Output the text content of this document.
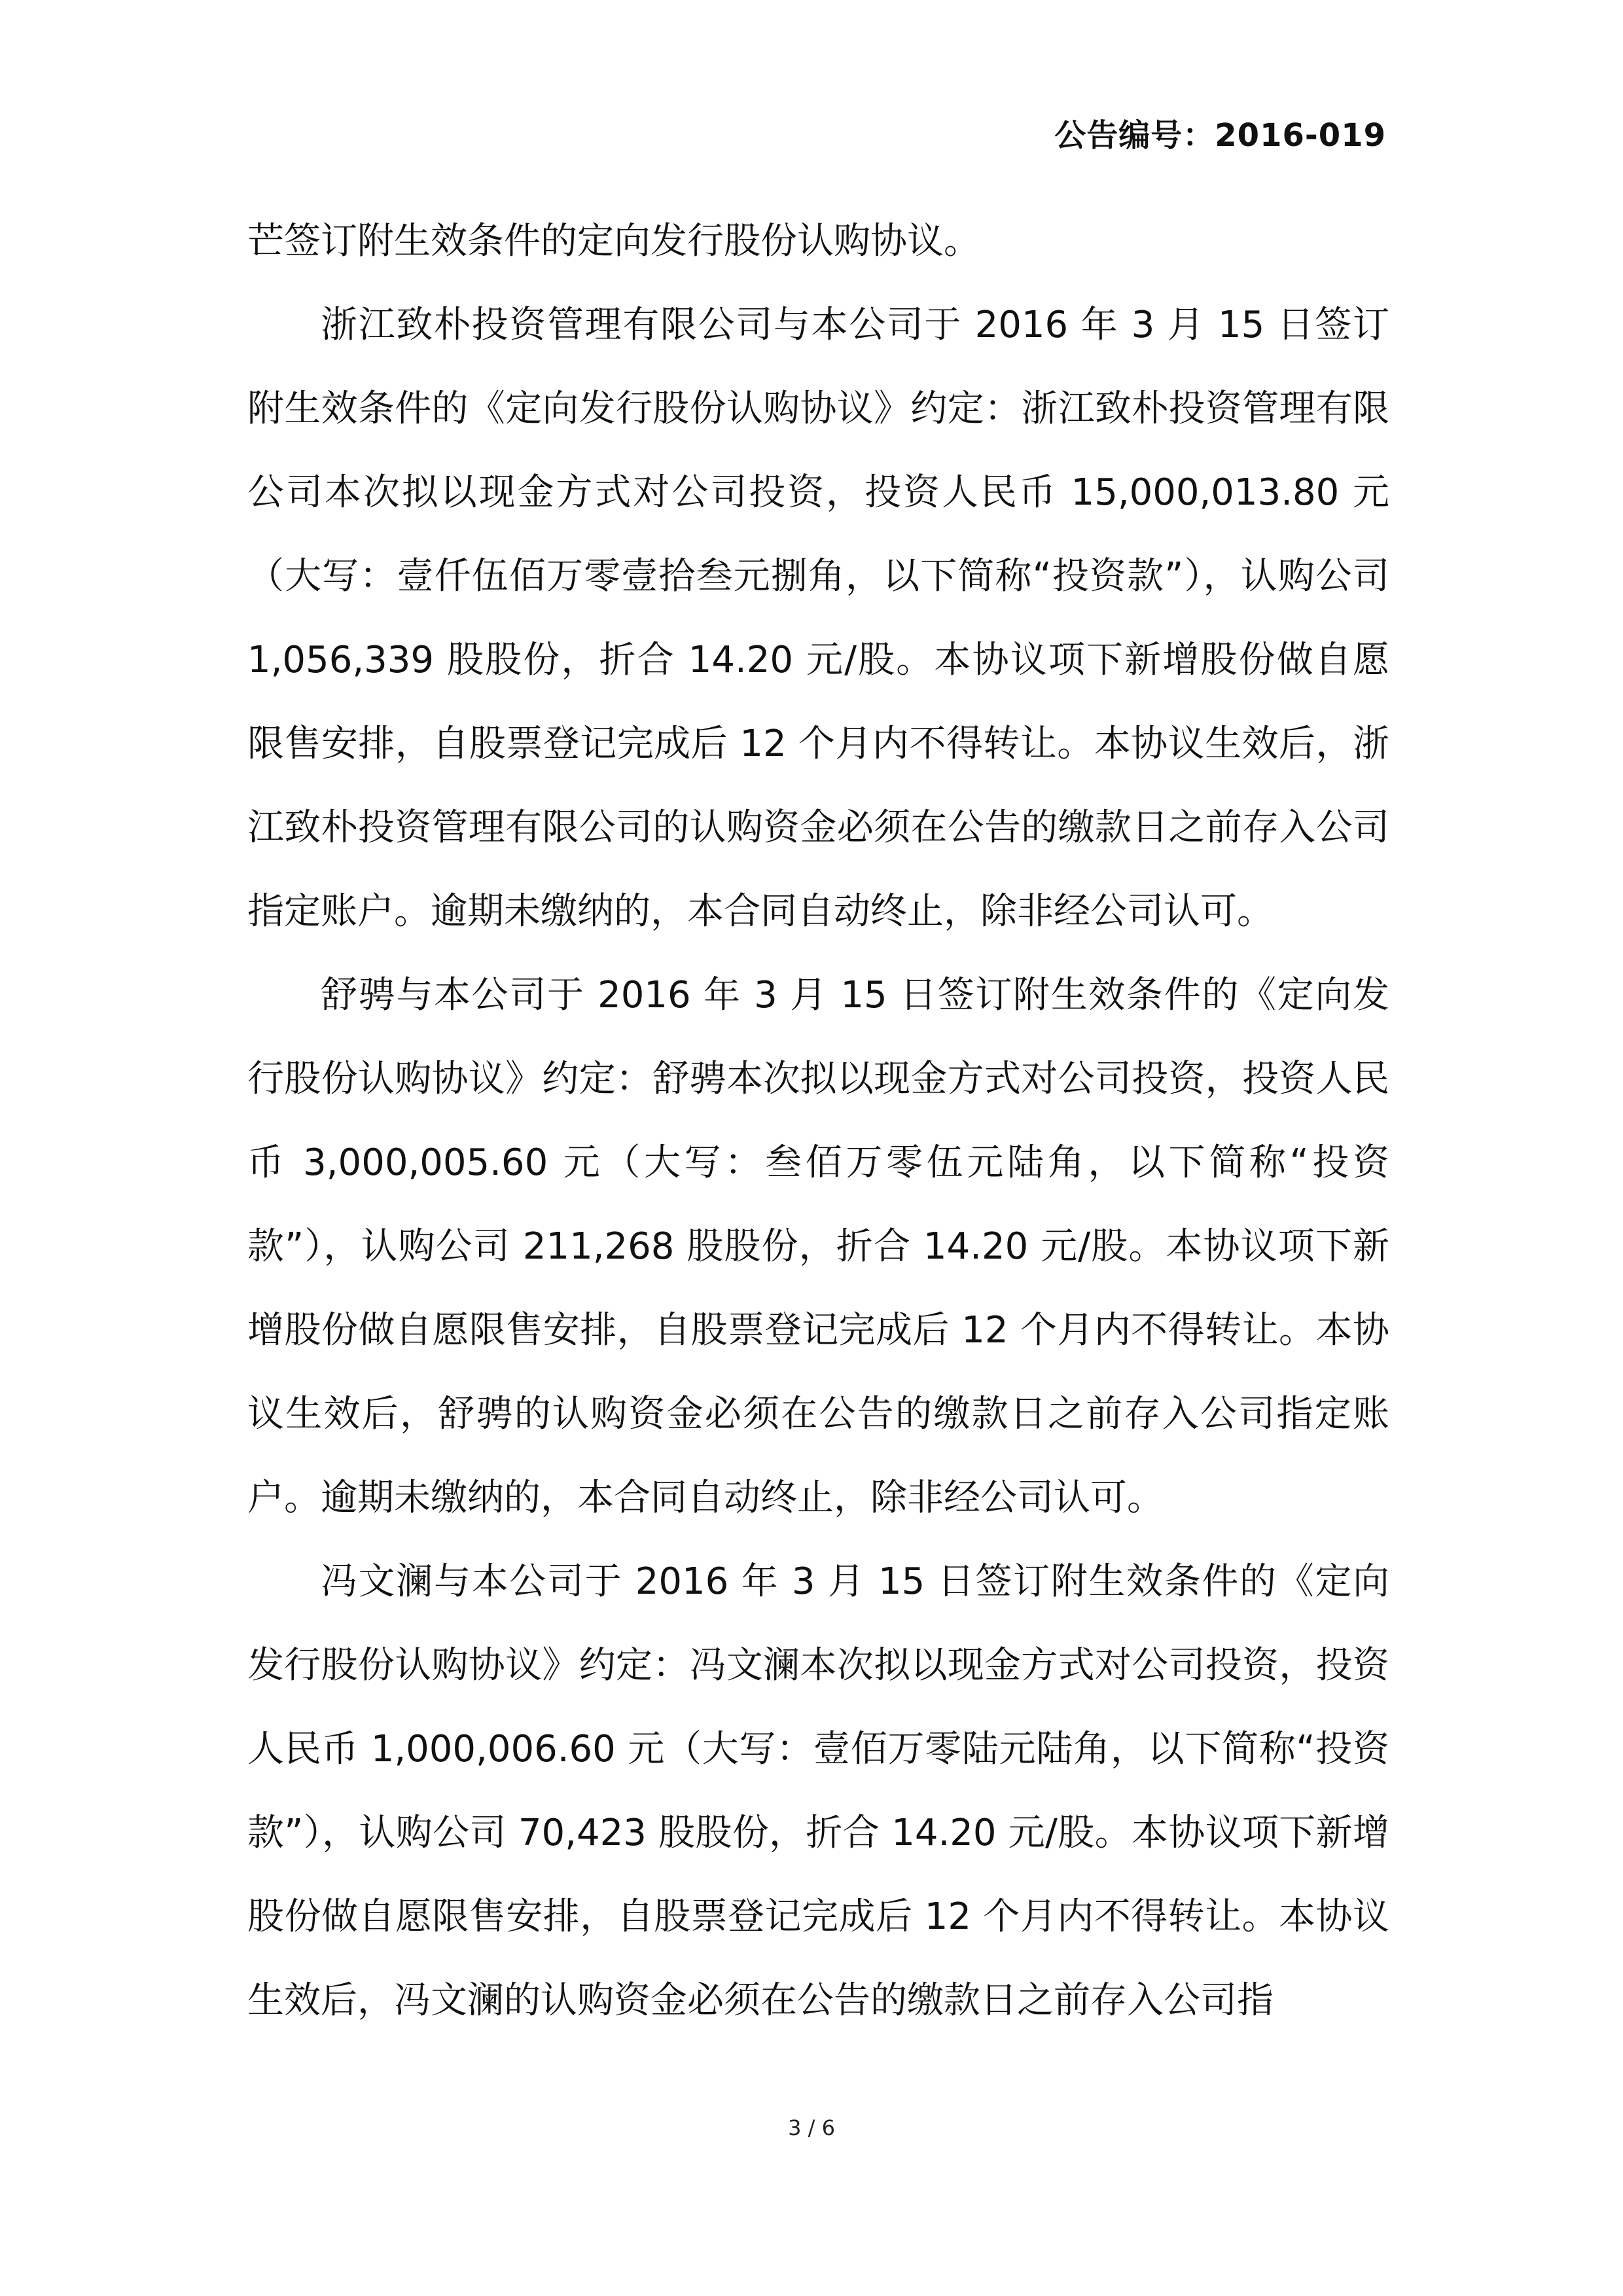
公告编号：2016-019

芒签订附生效条件的定向发行股份认购协议。

浙江致朴投资管理有限公司与本公司于 2016 年 3 月 15 日签订附生效条件的《定向发行股份认购协议》约定：浙江致朴投资管理有限公司本次拟以现金方式对公司投资，投资人民币 15,000,013.80 元（大写：壹仟伍佰万零壹拾叁元捌角，以下简称“投资款”），认购公司 1,056,339 股股份，折合 14.20 元/股。本协议项下新增股份做自愿限售安排，自股票登记完成后 12 个月内不得转让。本协议生效后，浙江致朴投资管理有限公司的认购资金必须在公告的缴款日之前存入公司指定账户。逾期未缴纳的，本合同自动终止，除非经公司认可。

舒骋与本公司于 2016 年 3 月 15 日签订附生效条件的《定向发行股份认购协议》约定：舒骋本次拟以现金方式对公司投资，投资人民币 3,000,005.60 元（大写：叁佰万零伍元陆角，以下简称“投资款”），认购公司 211,268 股股份，折合 14.20 元/股。本协议项下新增股份做自愿限售安排，自股票登记完成后 12 个月内不得转让。本协议生效后，舒骋的认购资金必须在公告的缴款日之前存入公司指定账户。逾期未缴纳的，本合同自动终止，除非经公司认可。

冯文澜与本公司于 2016 年 3 月 15 日签订附生效条件的《定向发行股份认购协议》约定：冯文澜本次拟以现金方式对公司投资，投资人民币 1,000,006.60 元（大写：壹佰万零陆元陆角，以下简称“投资款”），认购公司 70,423 股股份，折合 14.20 元/股。本协议项下新增股份做自愿限售安排，自股票登记完成后 12 个月内不得转让。本协议生效后，冯文澜的认购资金必须在公告的缴款日之前存入公司指

3 / 6
